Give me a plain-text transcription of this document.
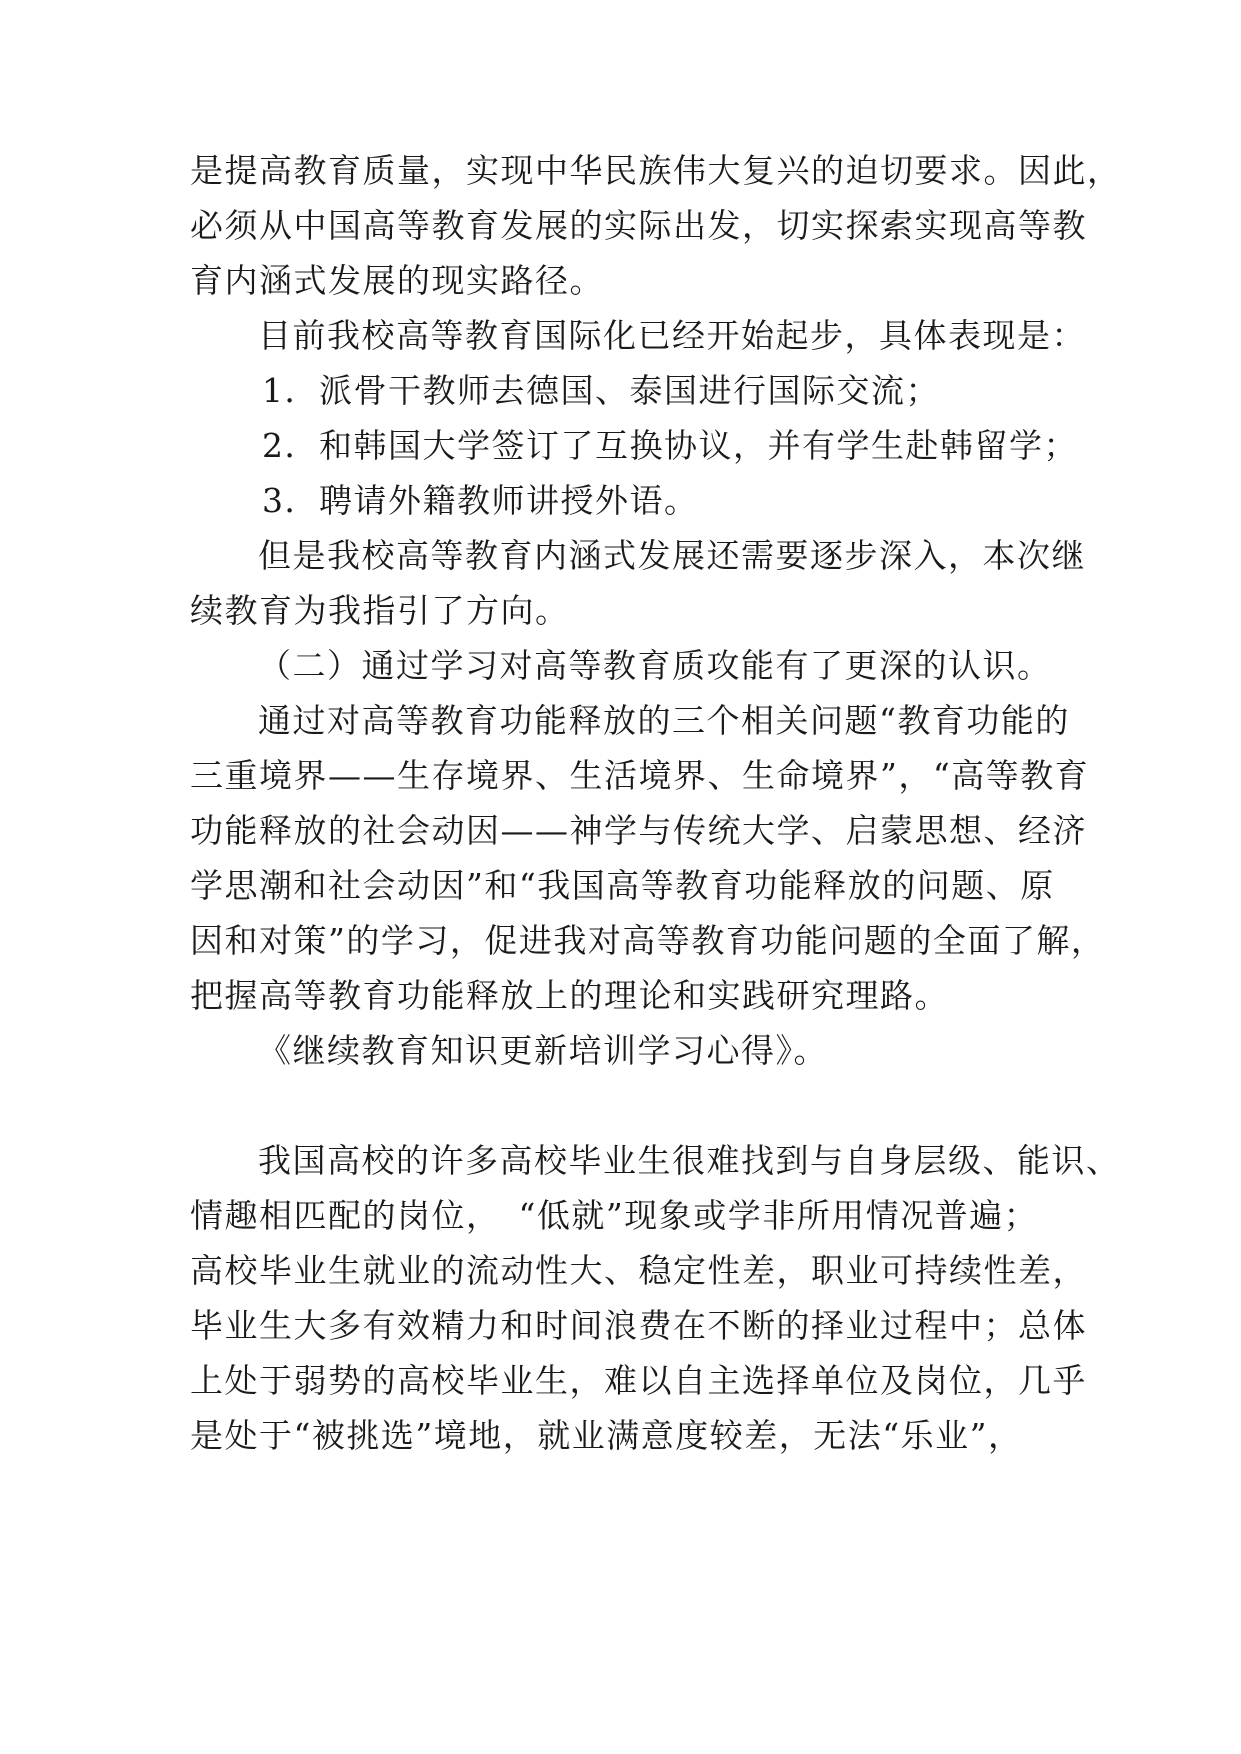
是提高教育质量，实现中华民族伟大复兴的迫切要求。因此，
必须从中国高等教育发展的实际出发，切实探索实现高等教
育内涵式发展的现实路径。
目前我校高等教育国际化已经开始起步，具体表现是：
1．派骨干教师去德国、泰国进行国际交流；
2．和韩国大学签订了互换协议，并有学生赴韩留学；
3．聘请外籍教师讲授外语。
但是我校高等教育内涵式发展还需要逐步深入，本次继
续教育为我指引了方向。
（二）通过学习对高等教育质攻能有了更深的认识。
通过对高等教育功能释放的三个相关问题“教育功能的
三重境界——生存境界、生活境界、生命境界”，“高等教育
功能释放的社会动因——神学与传统大学、启蒙思想、经济
学思潮和社会动因”和“我国高等教育功能释放的问题、原
因和对策”的学习，促进我对高等教育功能问题的全面了解，
把握高等教育功能释放上的理论和实践研究理路。
《继续教育知识更新培训学习心得》。
我国高校的许多高校毕业生很难找到与自身层级、能识、
情趣相匹配的岗位，　“低就”现象或学非所用情况普遍；
高校毕业生就业的流动性大、稳定性差，职业可持续性差，
毕业生大多有效精力和时间浪费在不断的择业过程中；总体
上处于弱势的高校毕业生，难以自主选择单位及岗位，几乎
是处于“被挑选”境地，就业满意度较差，无法“乐业”，
